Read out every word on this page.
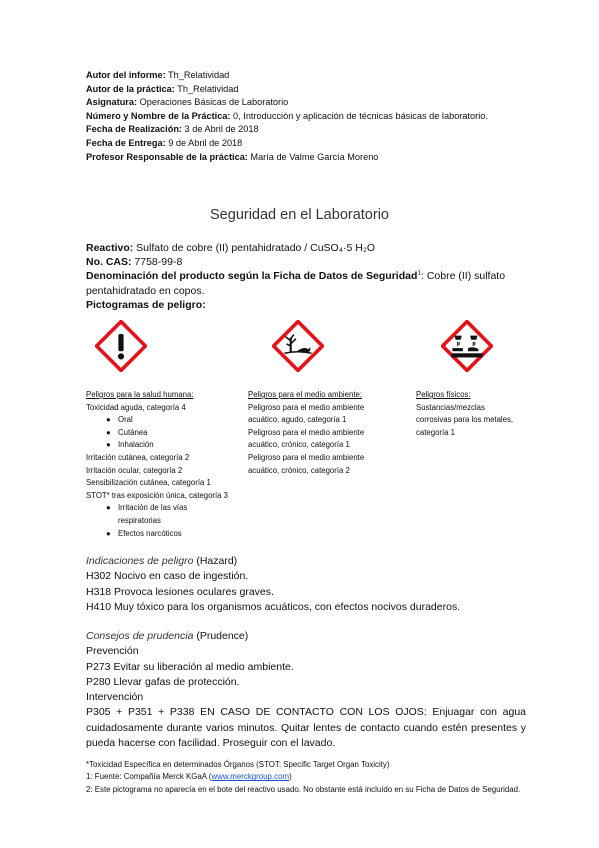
Autor del informe: Th_Relatividad

Autor de la práctica: Th_Relatividad

Asignatura: Operaciones Básicas de Laboratorio

Número y Nombre de la Práctica: 0, Introducción y aplicación de técnicas básicas de laboratorio.

Fecha de Realización: 3 de Abril de 2018

Fecha de Entrega: 9 de Abril de 2018

Profesor Responsable de la práctica: María de Valme García Moreno

Seguridad en el Laboratorio

Reactivo: Sulfato de cobre (II) pentahidratado / CuSO₄·5 H₂O

No. CAS: 7758-99-8

Denominación del producto según la Ficha de Datos de Seguridad$^1$: Cobre (II) sulfato pentahidratado en copos.

Pictogramas de peligro:

Peligros para la salud humana:
Toxicidad aguda, categoría 4
● Oral
● Cutánea
● Inhalación
Irritación cutánea, categoría 2
Irritación ocular, categoría 2
Sensibilización cutánea, categoría 1
STOT* tras exposición única, categoría 3
● Irritación de las vías respiratorias
● Efectos narcóticos
Peligros para el medio ambiente:
Peligroso para el medio ambiente acuático, agudo, categoría 1
Peligroso para el medio ambiente acuático, crónico, categoría 1
Peligroso para el medio ambiente acuático, crónico, categoría 2
Peligros físicos:
Sustancias/mezclas corrosivas para los metales, categoría 1

Indicaciones de peligro (Hazard)

H302 Nocivo en caso de ingestión.

H318 Provoca lesiones oculares graves.

H410 Muy tóxico para los organismos acuáticos, con efectos nocivos duraderos.

Consejos de prudencia (Prudence)

Prevención

P273 Evitar su liberación al medio ambiente.

P280 Llevar gafas de protección.

Intervención

P305 + P351 + P338 EN CASO DE CONTACTO CON LOS OJOS: Enjuagar con agua cuidadosamente durante varios minutos. Quitar lentes de contacto cuando estén presentes y pueda hacerse con facilidad. Proseguir con el lavado.

*Toxicidad Específica en determinados Órganos (STOT: Specific Target Organ Toxicity)

1: Fuente: Compañía Merck KGaA (www.merckgroup.com)

2: Este pictograma no aparecía en el bote del reactivo usado. No obstante está incluído en su Ficha de Datos de Seguridad.
